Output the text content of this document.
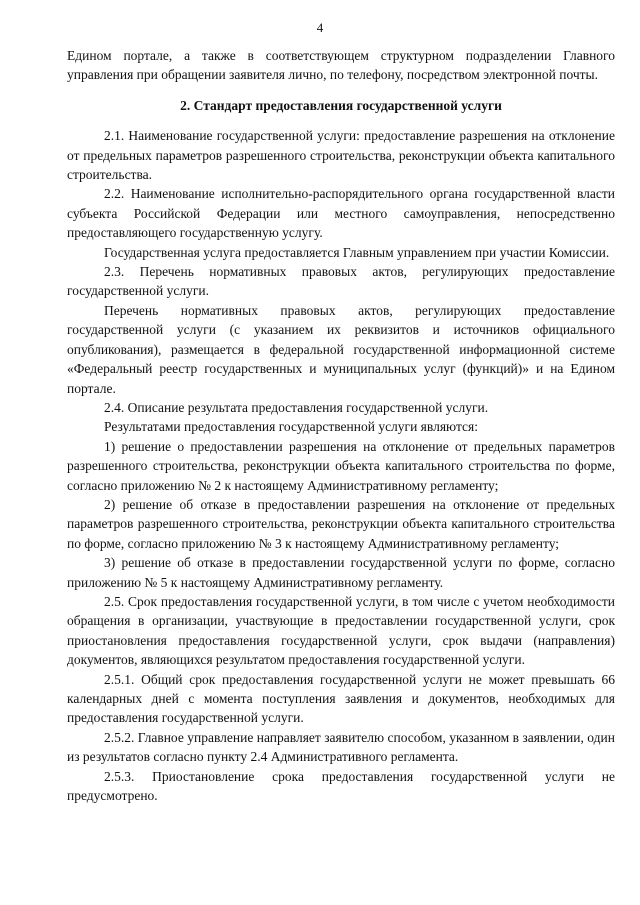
4

Едином портале, а также в соответствующем структурном подразделении Главного управления при обращении заявителя лично, по телефону, посредством электронной почты.

2. Стандарт предоставления государственной услуги

2.1. Наименование государственной услуги: предоставление разрешения на отклонение от предельных параметров разрешенного строительства, реконструкции объекта капитального строительства.

2.2. Наименование исполнительно-распорядительного органа государственной власти субъекта Российской Федерации или местного самоуправления, непосредственно предоставляющего государственную услугу.

Государственная услуга предоставляется Главным управлением при участии Комиссии.

2.3. Перечень нормативных правовых актов, регулирующих предоставление государственной услуги.

Перечень нормативных правовых актов, регулирующих предоставление государственной услуги (с указанием их реквизитов и источников официального опубликования), размещается в федеральной государственной информационной системе «Федеральный реестр государственных и муниципальных услуг (функций)» и на Едином портале.

2.4. Описание результата предоставления государственной услуги.

Результатами предоставления государственной услуги являются:

1) решение о предоставлении разрешения на отклонение от предельных параметров разрешенного строительства, реконструкции объекта капитального строительства по форме, согласно приложению № 2 к настоящему Административному регламенту;

2) решение об отказе в предоставлении разрешения на отклонение от предельных параметров разрешенного строительства, реконструкции объекта капитального строительства по форме, согласно приложению № 3 к настоящему Административному регламенту;

3) решение об отказе в предоставлении государственной услуги по форме, согласно приложению № 5 к настоящему Административному регламенту.

2.5. Срок предоставления государственной услуги, в том числе с учетом необходимости обращения в организации, участвующие в предоставлении государственной услуги, срок приостановления предоставления государственной услуги, срок выдачи (направления) документов, являющихся результатом предоставления государственной услуги.

2.5.1. Общий срок предоставления государственной услуги не может превышать 66 календарных дней с момента поступления заявления и документов, необходимых для предоставления государственной услуги.

2.5.2. Главное управление направляет заявителю способом, указанном в заявлении, один из результатов согласно пункту 2.4 Административного регламента.

2.5.3. Приостановление срока предоставления государственной услуги не предусмотрено.
